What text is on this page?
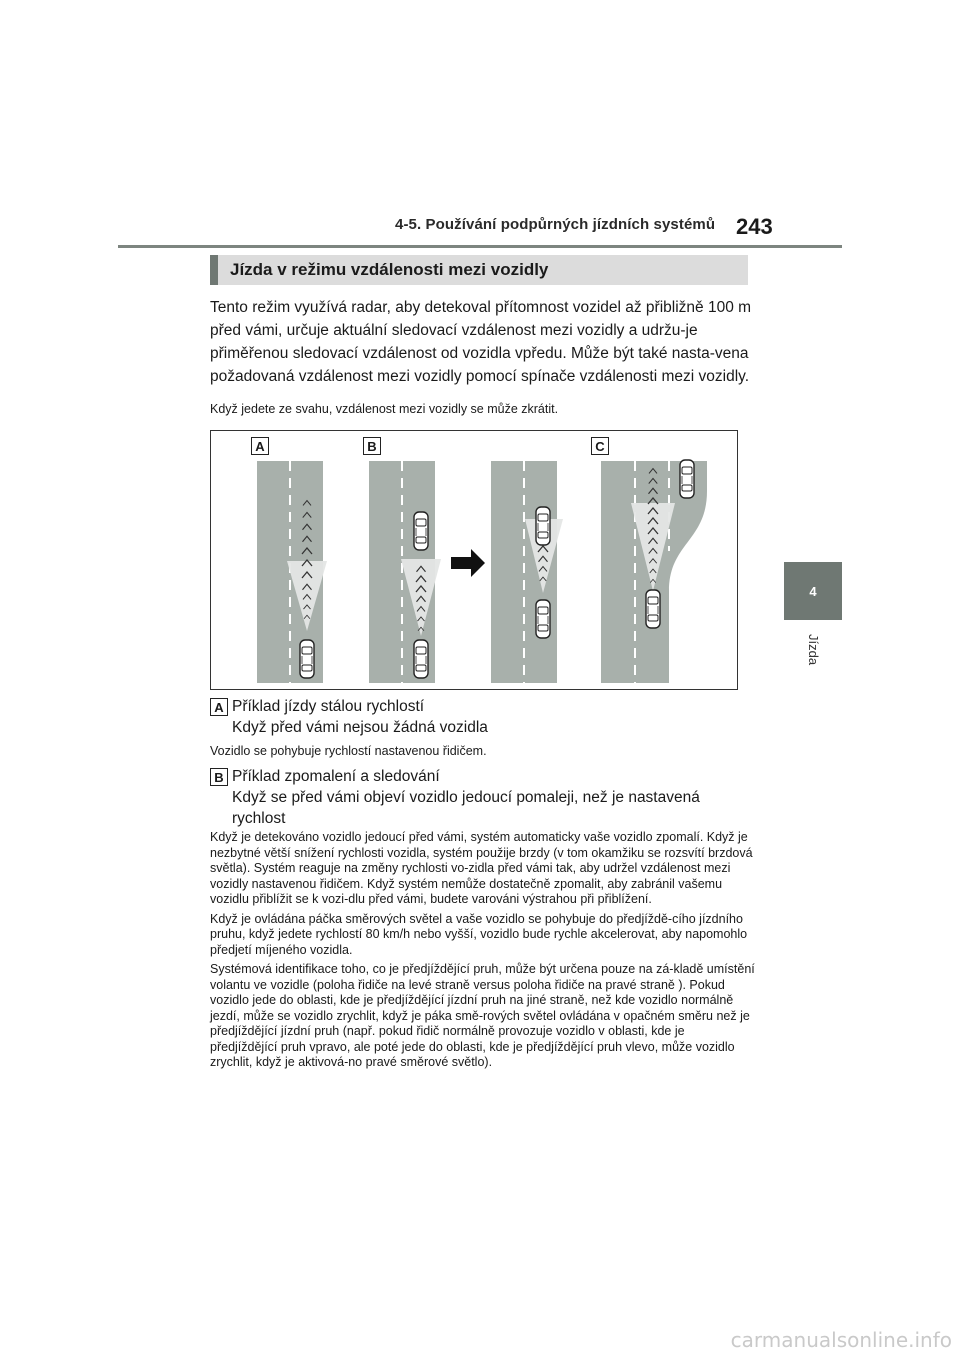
4-5. Používání podpůrných jízdních systémů 243
4
Jízda
Jízda v režimu vzdálenosti mezi vozidly
Tento režim využívá radar, aby detekoval přítomnost vozidel až přibližně 100 m před vámi, určuje aktuální sledovací vzdálenost mezi vozidly a udržu-je přiměřenou sledovací vzdálenost od vozidla vpředu. Může být také nasta-vena požadovaná vzdálenost mezi vozidly pomocí spínače vzdálenosti mezi vozidly.
Když jedete ze svahu, vzdálenost mezi vozidly se může zkrátit.
A	B	C
A Příklad jízdy stálou rychlostí
Když před vámi nejsou žádná vozidla
Vozidlo se pohybuje rychlostí nastavenou řidičem.
B Příklad zpomalení a sledování
Když se před vámi objeví vozidlo jedoucí pomaleji, než je nastavená rychlost

Když je detekováno vozidlo jedoucí před vámi, systém automaticky vaše vozidlo zpomalí. Když je nezbytné větší snížení rychlosti vozidla, systém použije brzdy (v tom okamžiku se rozsvítí brzdová světla). Systém reaguje na změny rychlosti vo-zidla před vámi tak, aby udržel vzdálenost mezi vozidly nastavenou řidičem. Když systém nemůže dostatečně zpomalit, aby zabránil vašemu vozidlu přiblížit se k vozi-dlu před vámi, budete varováni výstrahou při přiblížení.

Když je ovládána páčka směrových světel a vaše vozidlo se pohybuje do předjíždě-cího jízdního pruhu, když jedete rychlostí 80 km/h nebo vyšší, vozidlo bude rychle akcelerovat, aby napomohlo předjetí míjeného vozidla.

Systémová identifikace toho, co je předjíždějící pruh, může být určena pouze na zá-kladě umístění volantu ve vozidle (poloha řidiče na levé straně versus poloha řidiče na pravé straně ). Pokud vozidlo jede do oblasti, kde je předjíždějící jízdní pruh na jiné straně, než kde vozidlo normálně jezdí, může se vozidlo zrychlit, když je páka smě-rových světel ovládána v opačném směru než je předjíždějící jízdní pruh (např. pokud řidič normálně provozuje vozidlo v oblasti, kde je předjíždějící pruh vpravo, ale poté jede do oblasti, kde je předjíždějící pruh vlevo, může vozidlo zrychlit, když je aktivová-no pravé směrové světlo).

carmanualsonline.info
